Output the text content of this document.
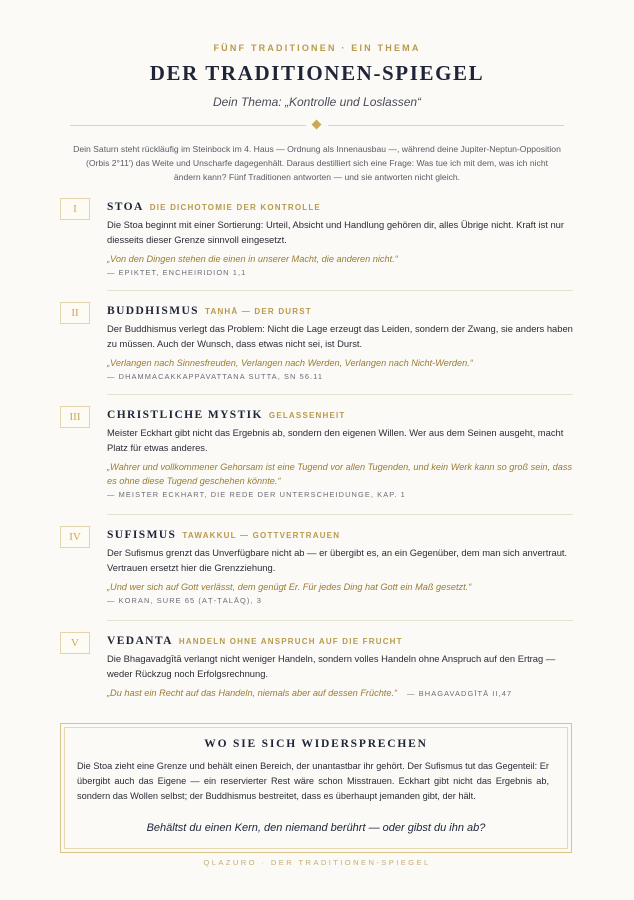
FÜNF TRADITIONEN · EIN THEMA
DER TRADITIONEN-SPIEGEL
Dein Thema: „Kontrolle und Loslassen“
Dein Saturn steht rückläufig im Steinbock im 4. Haus — Ordnung als Innenausbau —, während deine Jupiter-Neptun-Opposition (Orbis 2°11′) das Weite und Unscharfe dagegenhält. Daraus destilliert sich eine Frage: Was tue ich mit dem, was ich nicht ändern kann? Fünf Traditionen antworten — und sie antworten nicht gleich.
I	STOA DIE DICHOTOMIE DER KONTROLLE
Die Stoa beginnt mit einer Sortierung: Urteil, Absicht und Handlung gehören dir, alles Übrige nicht. Kraft ist nur diesseits dieser Grenze sinnvoll eingesetzt.
„Von den Dingen stehen die einen in unserer Macht, die anderen nicht.“
— EPIKTET, ENCHEIRIDION 1,1
II	BUDDHISMUS TAṆHĀ — DER DURST
Der Buddhismus verlegt das Problem: Nicht die Lage erzeugt das Leiden, sondern der Zwang, sie anders haben zu müssen. Auch der Wunsch, dass etwas nicht sei, ist Durst.
„Verlangen nach Sinnesfreuden, Verlangen nach Werden, Verlangen nach Nicht-Werden.“
— DHAMMACAKKAPPAVATTANA SUTTA, SN 56.11
III	CHRISTLICHE MYSTIK GELASSENHEIT
Meister Eckhart gibt nicht das Ergebnis ab, sondern den eigenen Willen. Wer aus dem Seinen ausgeht, macht Platz für etwas anderes.
„Wahrer und vollkommener Gehorsam ist eine Tugend vor allen Tugenden, und kein Werk kann so groß sein, dass es ohne diese Tugend geschehen könnte.“
— MEISTER ECKHART, DIE REDE DER UNTERSCHEIDUNGE, KAP. 1
IV	SUFISMUS TAWAKKUL — GOTTVERTRAUEN
Der Sufismus grenzt das Unverfügbare nicht ab — er übergibt es, an ein Gegenüber, dem man sich anvertraut. Vertrauen ersetzt hier die Grenzziehung.
„Und wer sich auf Gott verlässt, dem genügt Er. Für jedes Ding hat Gott ein Maß gesetzt.“
— KORAN, SURE 65 (AṬ-ṬALĀQ), 3
V	VEDANTA HANDELN OHNE ANSPRUCH AUF DIE FRUCHT
Die Bhagavadgītā verlangt nicht weniger Handeln, sondern volles Handeln ohne Anspruch auf den Ertrag — weder Rückzug noch Erfolgsrechnung.
„Du hast ein Recht auf das Handeln, niemals aber auf dessen Früchte.“ — BHAGAVADGĪTĀ II,47
WO SIE SICH WIDERSPRECHEN
Die Stoa zieht eine Grenze und behält einen Bereich, der unantastbar ihr gehört. Der Sufismus tut das Gegenteil: Er übergibt auch das Eigene — ein reservierter Rest wäre schon Misstrauen. Eckhart gibt nicht das Ergebnis ab, sondern das Wollen selbst; der Buddhismus bestreitet, dass es überhaupt jemanden gibt, der hält.
Behältst du einen Kern, den niemand berührt — oder gibst du ihn ab?
QLAZURO · DER TRADITIONEN-SPIEGEL
